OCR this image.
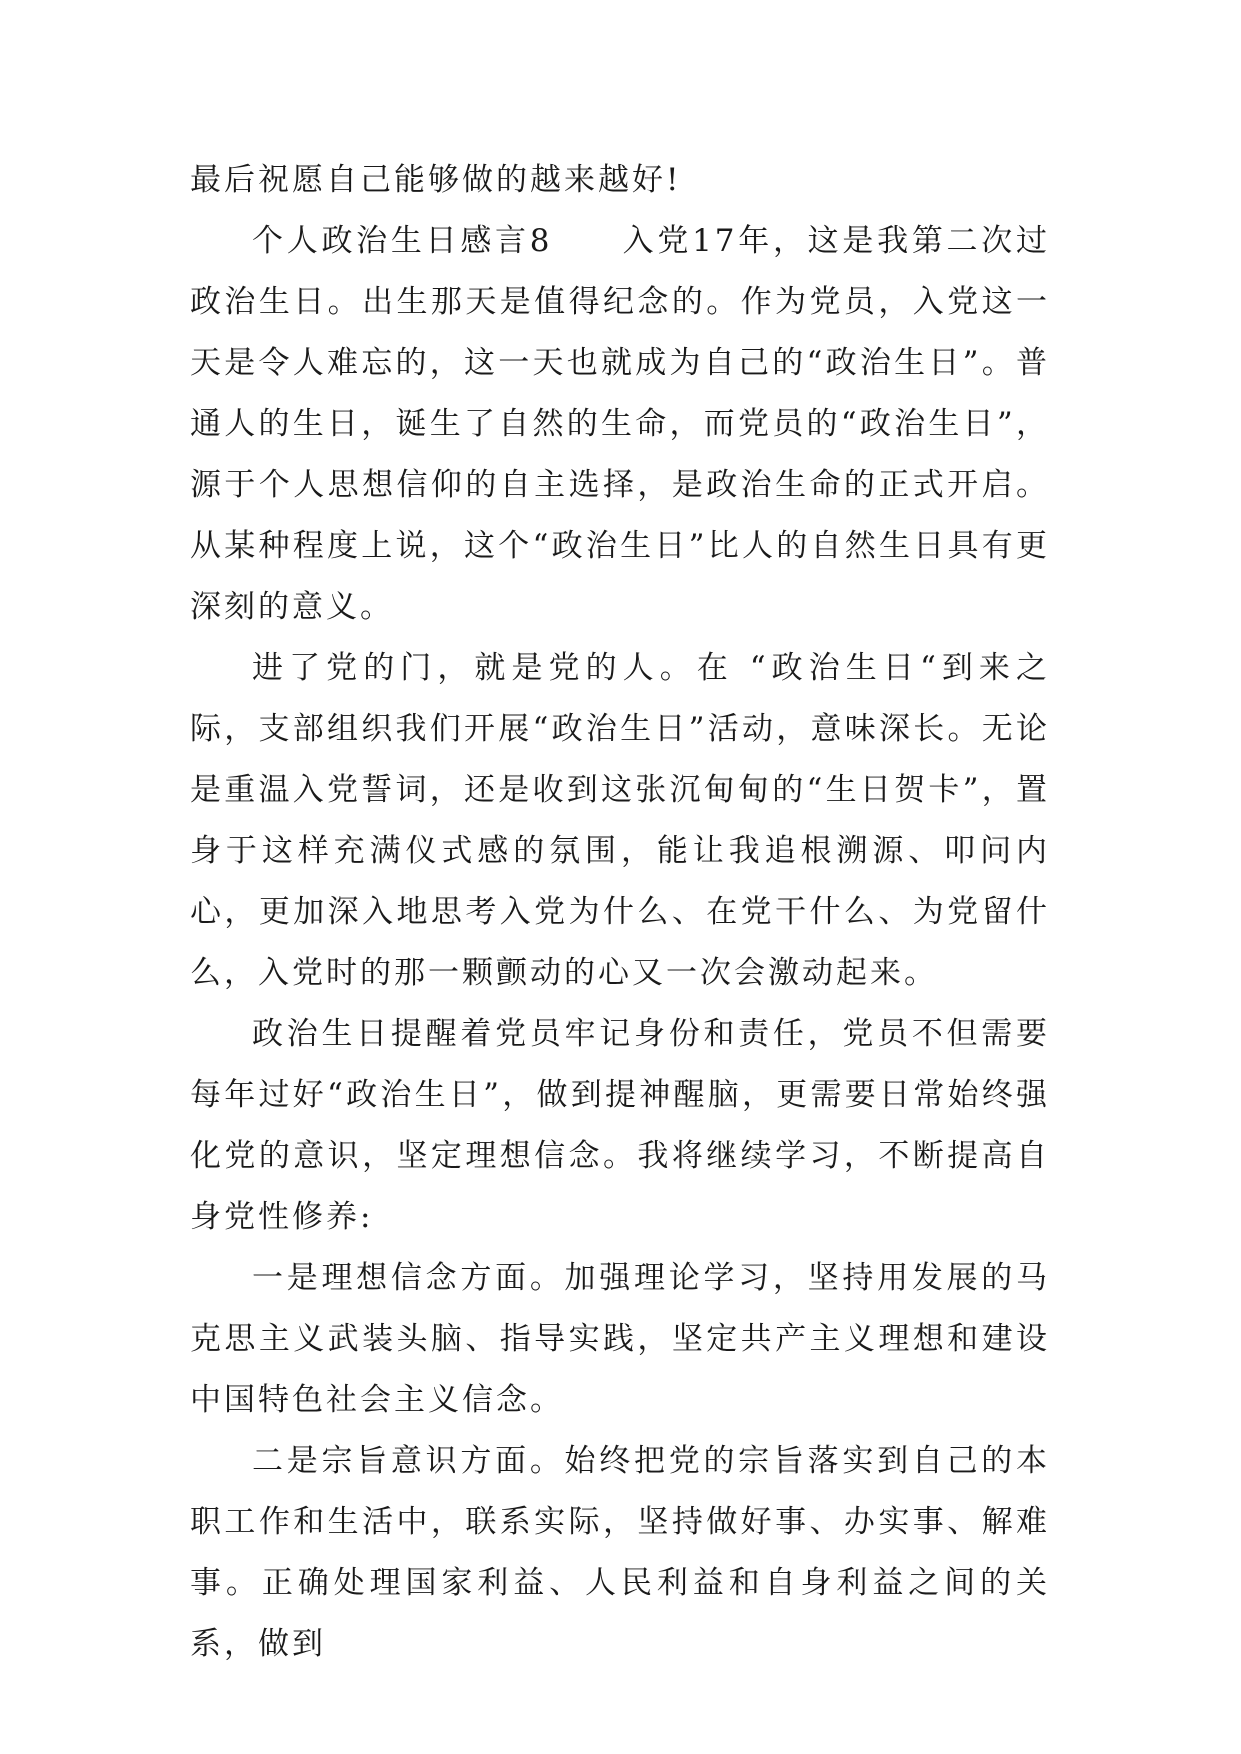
最后祝愿自己能够做的越来越好!

个人政治生日感言8　　入党17年，这是我第二次过政治生日。出生那天是值得纪念的。作为党员，入党这一天是令人难忘的，这一天也就成为自己的“政治生日”。普通人的生日，诞生了自然的生命，而党员的“政治生日”， 源于个人思想信仰的自主选择，是政治生命的正式开启。从某种程度上说，这个“政治生日”比人的自然生日具有更深刻的意义。

进了党的门，就是党的人。在 “政治生日“到来之际，支部组织我们开展“政治生日”活动，意味深长。无论是重温入党誓词，还是收到这张沉甸甸的“生日贺卡”，置身于这样充满仪式感的氛围，能让我追根溯源、叩问内心，更加深入地思考入党为什么、在党干什么、为党留什么，入党时的那一颗颤动的心又一次会激动起来。

政治生日提醒着党员牢记身份和责任，党员不但需要每年过好“政治生日”，做到提神醒脑，更需要日常始终强化党的意识，坚定理想信念。我将继续学习，不断提高自身党性修养:

一是理想信念方面。加强理论学习，坚持用发展的马克思主义武装头脑、指导实践，坚定共产主义理想和建设中国特色社会主义信念。

二是宗旨意识方面。始终把党的宗旨落实到自己的本职工作和生活中，联系实际，坚持做好事、办实事、解难事。正确处理国家利益、人民利益和自身利益之间的关系，做到
